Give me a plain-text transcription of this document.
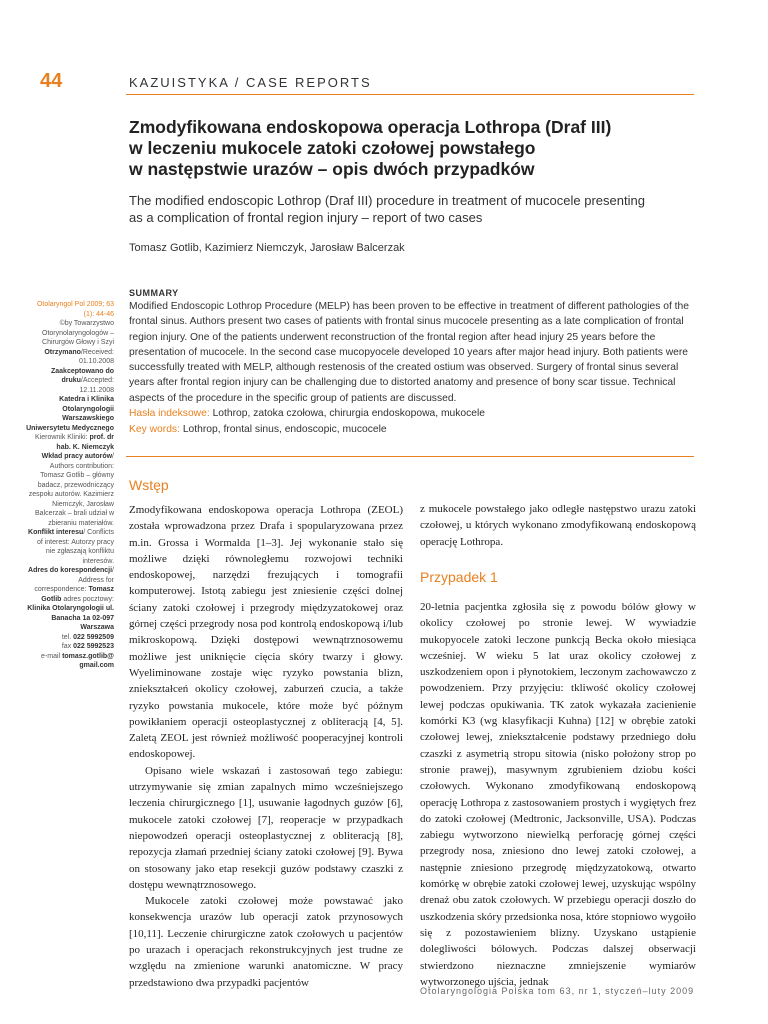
44	KAZUISTYKA / CASE REPORTS
Zmodyfikowana endoskopowa operacja Lothropa (Draf III)
w leczeniu mukocele zatoki czołowej powstałego
w następstwie urazów – opis dwóch przypadków
The modified endoscopic Lothrop (Draf III) procedure in treatment of mucocele presenting
as a complication of frontal region injury – report of two cases
Tomasz Gotlib, Kazimierz Niemczyk, Jarosław Balcerzak
SUMMARY
Modified Endoscopic Lothrop Procedure (MELP) has been proven to be effective in treatment of different pathologies of the frontal sinus. Authors present two cases of patients with frontal sinus mucocele presenting as a late complication of frontal region injury. One of the patients underwent reconstruction of the frontal region after head injury 25 years before the presentation of mucocele. In the second case mucopyocele developed 10 years after major head injury. Both patients were successfully treated with MELP, although restenosis of the created ostium was observed. Surgery of frontal sinus several years after frontal region injury can be challenging due to distorted anatomy and presence of bony scar tissue. Technical aspects of the procedure in the specific group of patients are discussed.
Hasła indeksowe: Lothrop, zatoka czołowa, chirurgia endoskopowa, mukocele
Key words: Lothrop, frontal sinus, endoscopic, mucocele

Otolaryngol Pol 2009; 63 (1): 44-46

©by Towarzystwo Otorynolaryngologów – Chirurgów Głowy i Szyi

Otrzymano/Received: 01.10.2008

Zaakceptowano do druku/Accepted: 12.11.2008

Katedra i Klinika Otolaryngologii Warszawskiego Uniwersytetu Medycznego

Kierownik Kliniki: prof. dr hab. K. Niemczyk

Wkład pracy autorów/ Authors contribution: Tomasz Gotlib – główny badacz, przewodniczący zespołu autorów. Kazimierz Niemczyk, Jarosław Balcerzak – brali udział w zbieraniu materiałów.

Konflikt interesu/ Conflicts of interest: Autorzy pracy nie zgłaszają konfliktu interesów.

Adres do korespondencji/ Address for correspondence: Tomasz Gotlib adres pocztowy: Klinika Otolaryngologii ul. Banacha 1a 02-097 Warszawa

tel. 022 5992509

fax 022 5992523

e-mail tomasz.gotlib@

gmail.com

Wstęp
Przypadek 1

Zmodyfikowana endoskopowa operacja Lothropa (ZEOL) została wprowadzona przez Drafa i spopularyzowana przez m.in. Grossa i Wormalda [1–3]. Jej wykonanie stało się możliwe dzięki równoległemu rozwojowi techniki endoskopowej, narzędzi frezujących i tomografii komputerowej. Istotą zabiegu jest zniesienie części dolnej ściany zatoki czołowej i przegrody międzyzatokowej oraz górnej części przegrody nosa pod kontrolą endoskopową i/lub mikroskopową. Dzięki dostępowi wewnątrznosowemu możliwe jest uniknięcie cięcia skóry twarzy i głowy. Wyeliminowane zostaje więc ryzyko powstania blizn, zniekształceń okolicy czołowej, zaburzeń czucia, a także ryzyko powstania mukocele, które może być późnym powikłaniem operacji osteoplastycznej z obliteracją [4, 5]. Zaletą ZEOL jest również możliwość pooperacyjnej kontroli endoskopowej.

Opisano wiele wskazań i zastosowań tego zabiegu: utrzymywanie się zmian zapalnych mimo wcześniejszego leczenia chirurgicznego [1], usuwanie łagodnych guzów [6], mukocele zatoki czołowej [7], reoperacje w przypadkach niepowodzeń operacji osteoplastycznej z obliteracją [8], repozycja złamań przedniej ściany zatoki czołowej [9]. Bywa on stosowany jako etap resekcji guzów podstawy czaszki z dostępu wewnątrznosowego.

Mukocele zatoki czołowej może powstawać jako konsekwencja urazów lub operacji zatok przynosowych [10,11]. Leczenie chirurgiczne zatok czołowych u pacjentów po urazach i operacjach rekonstrukcyjnych jest trudne ze względu na zmienione warunki anatomiczne. W pracy przedstawiono dwa przypadki pacjentów

z mukocele powstałego jako odległe następstwo urazu zatoki czołowej, u których wykonano zmodyfikowaną endoskopową operację Lothropa.

20-letnia pacjentka zgłosiła się z powodu bólów głowy w okolicy czołowej po stronie lewej. W wywiadzie mukopyocele zatoki leczone punkcją Becka około miesiąca wcześniej. W wieku 5 lat uraz okolicy czołowej z uszkodzeniem opon i płynotokiem, leczonym zachowawczo z powodzeniem. Przy przyjęciu: tkliwość okolicy czołowej lewej podczas opukiwania. TK zatok wykazała zacienienie komórki K3 (wg klasyfikacji Kuhna) [12] w obrębie zatoki czołowej lewej, zniekształcenie podstawy przedniego dołu czaszki z asymetrią stropu sitowia (nisko położony strop po stronie prawej), masywnym zgrubieniem dziobu kości czołowych. Wykonano zmodyfikowaną endoskopową operację Lothropa z zastosowaniem prostych i wygiętych frez do zatoki czołowej (Medtronic, Jacksonville, USA). Podczas zabiegu wytworzono niewielką perforację górnej części przegrody nosa, zniesiono dno lewej zatoki czołowej, a następnie zniesiono przegrodę międzyzatokową, otwarto komórkę w obrębie zatoki czołowej lewej, uzyskując wspólny drenaż obu zatok czołowych. W przebiegu operacji doszło do uszkodzenia skóry przedsionka nosa, które stopniowo wygoiło się z pozostawieniem blizny. Uzyskano ustąpienie dolegliwości bólowych. Podczas dalszej obserwacji stwierdzono nieznaczne zmniejszenie wymiarów wytworzonego ujścia, jednak

Otolaryngologia Polska tom 63, nr 1, styczeń–luty 2009
